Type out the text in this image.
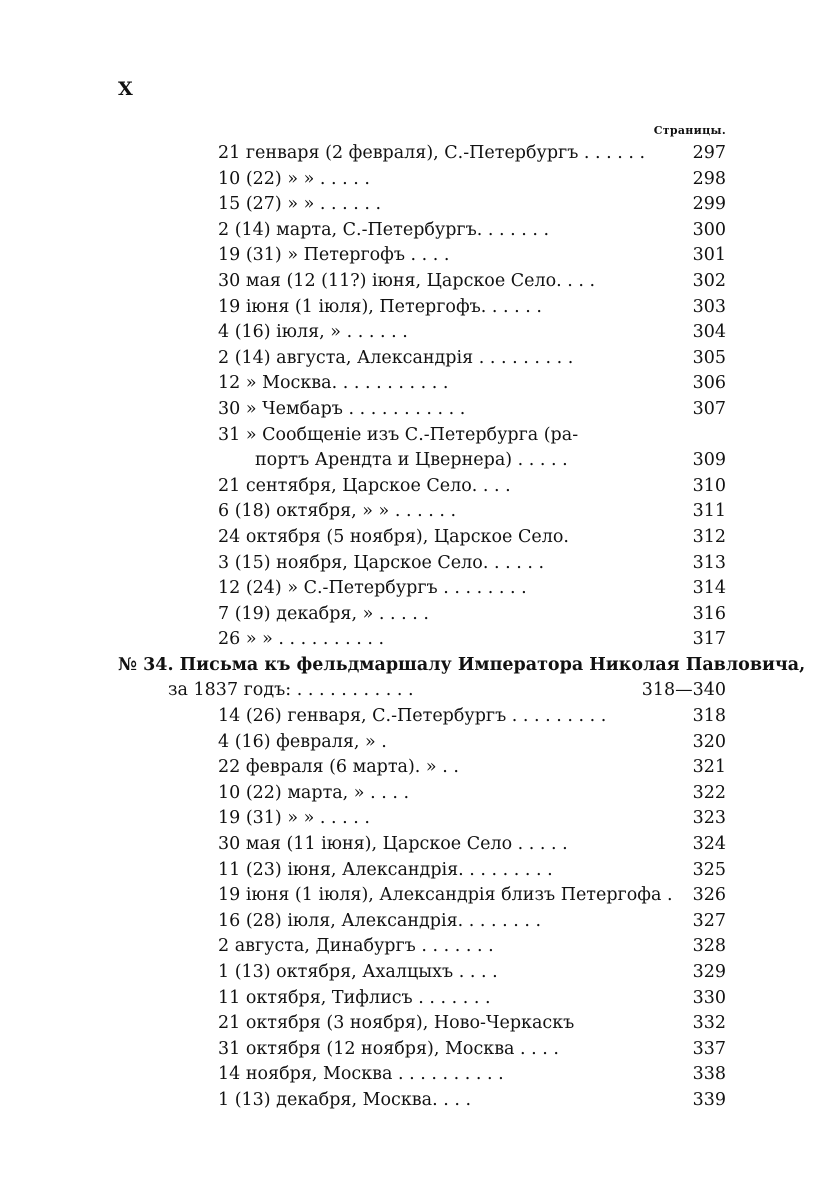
X
Страницы.
21 генваря (2 февраля), С.-Петербургъ . . . . . .	297
10 (22) » » . . . . .	298
15 (27) » » . . . . . .	299
2 (14) марта, С.-Петербургъ. . . . . . .	300
19 (31) » Петергофъ . . . .	301
30 мая (12 (11?) іюня, Царское Село. . . .	302
19 іюня (1 іюля), Петергофъ. . . . . .	303
4 (16) іюля, » . . . . . .	304
2 (14) августа, Александрія . . . . . . . . .	305
12 » Москва. . . . . . . . . . .	306
30 » Чембаръ . . . . . . . . . . .	307
31 » Сообщеніе изъ С.-Петербурга (ра-
портъ Арендта и Цвернера) . . . . .	309
21 сентября, Царское Село. . . .	310
6 (18) октября, » » . . . . . .	311
24 октября (5 ноября), Царское Село.	312
3 (15) ноября, Царское Село. . . . . .	313
12 (24) » С.-Петербургъ . . . . . . . .	314
7 (19) декабря, » . . . . .	316
26 » » . . . . . . . . . .	317
№ 34. Письма къ фельдмаршалу Императора Николая Павловича,
за 1837 годъ: . . . . . . . . . . .	318—340
14 (26) генваря, С.-Петербургъ . . . . . . . . .	318
4 (16) февраля, » .	320
22 февраля (6 марта). » . .	321
10 (22) марта, » . . . .	322
19 (31) » » . . . . .	323
30 мая (11 іюня), Царское Село . . . . .	324
11 (23) іюня, Александрія. . . . . . . . .	325
19 іюня (1 іюля), Александрія близъ Петергофа . 326
16 (28) іюля, Александрія. . . . . . . .	327
2 августа, Динабургъ . . . . . . .	328
1 (13) октября, Ахалцыхъ . . . .	329
11 октября, Тифлисъ . . . . . . .	330
21 октября (3 ноября), Ново-Черкаскъ	332
31 октября (12 ноября), Москва . . . .	337
14 ноября, Москва . . . . . . . . . .	338
1 (13) декабря, Москва. . . .	339
